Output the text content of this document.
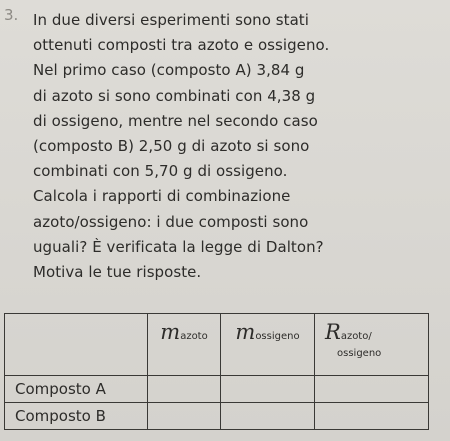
3. In due diversi esperimenti sono stati
ottenuti composti tra azoto e ossigeno.
Nel primo caso (composto A) 3,84 g
di azoto si sono combinati con 4,38 g
di ossigeno, mentre nel secondo caso
(composto B) 2,50 g di azoto si sono
combinati con 5,70 g di ossigeno.
Calcola i rapporti di combinazione
azoto/ossigeno: i due composti sono
uguali? È verificata la legge di Dalton?
Motiva le tue risposte.
	mazoto	mossigeno	Razoto/
ossigeno

Composto A			
Composto B			
